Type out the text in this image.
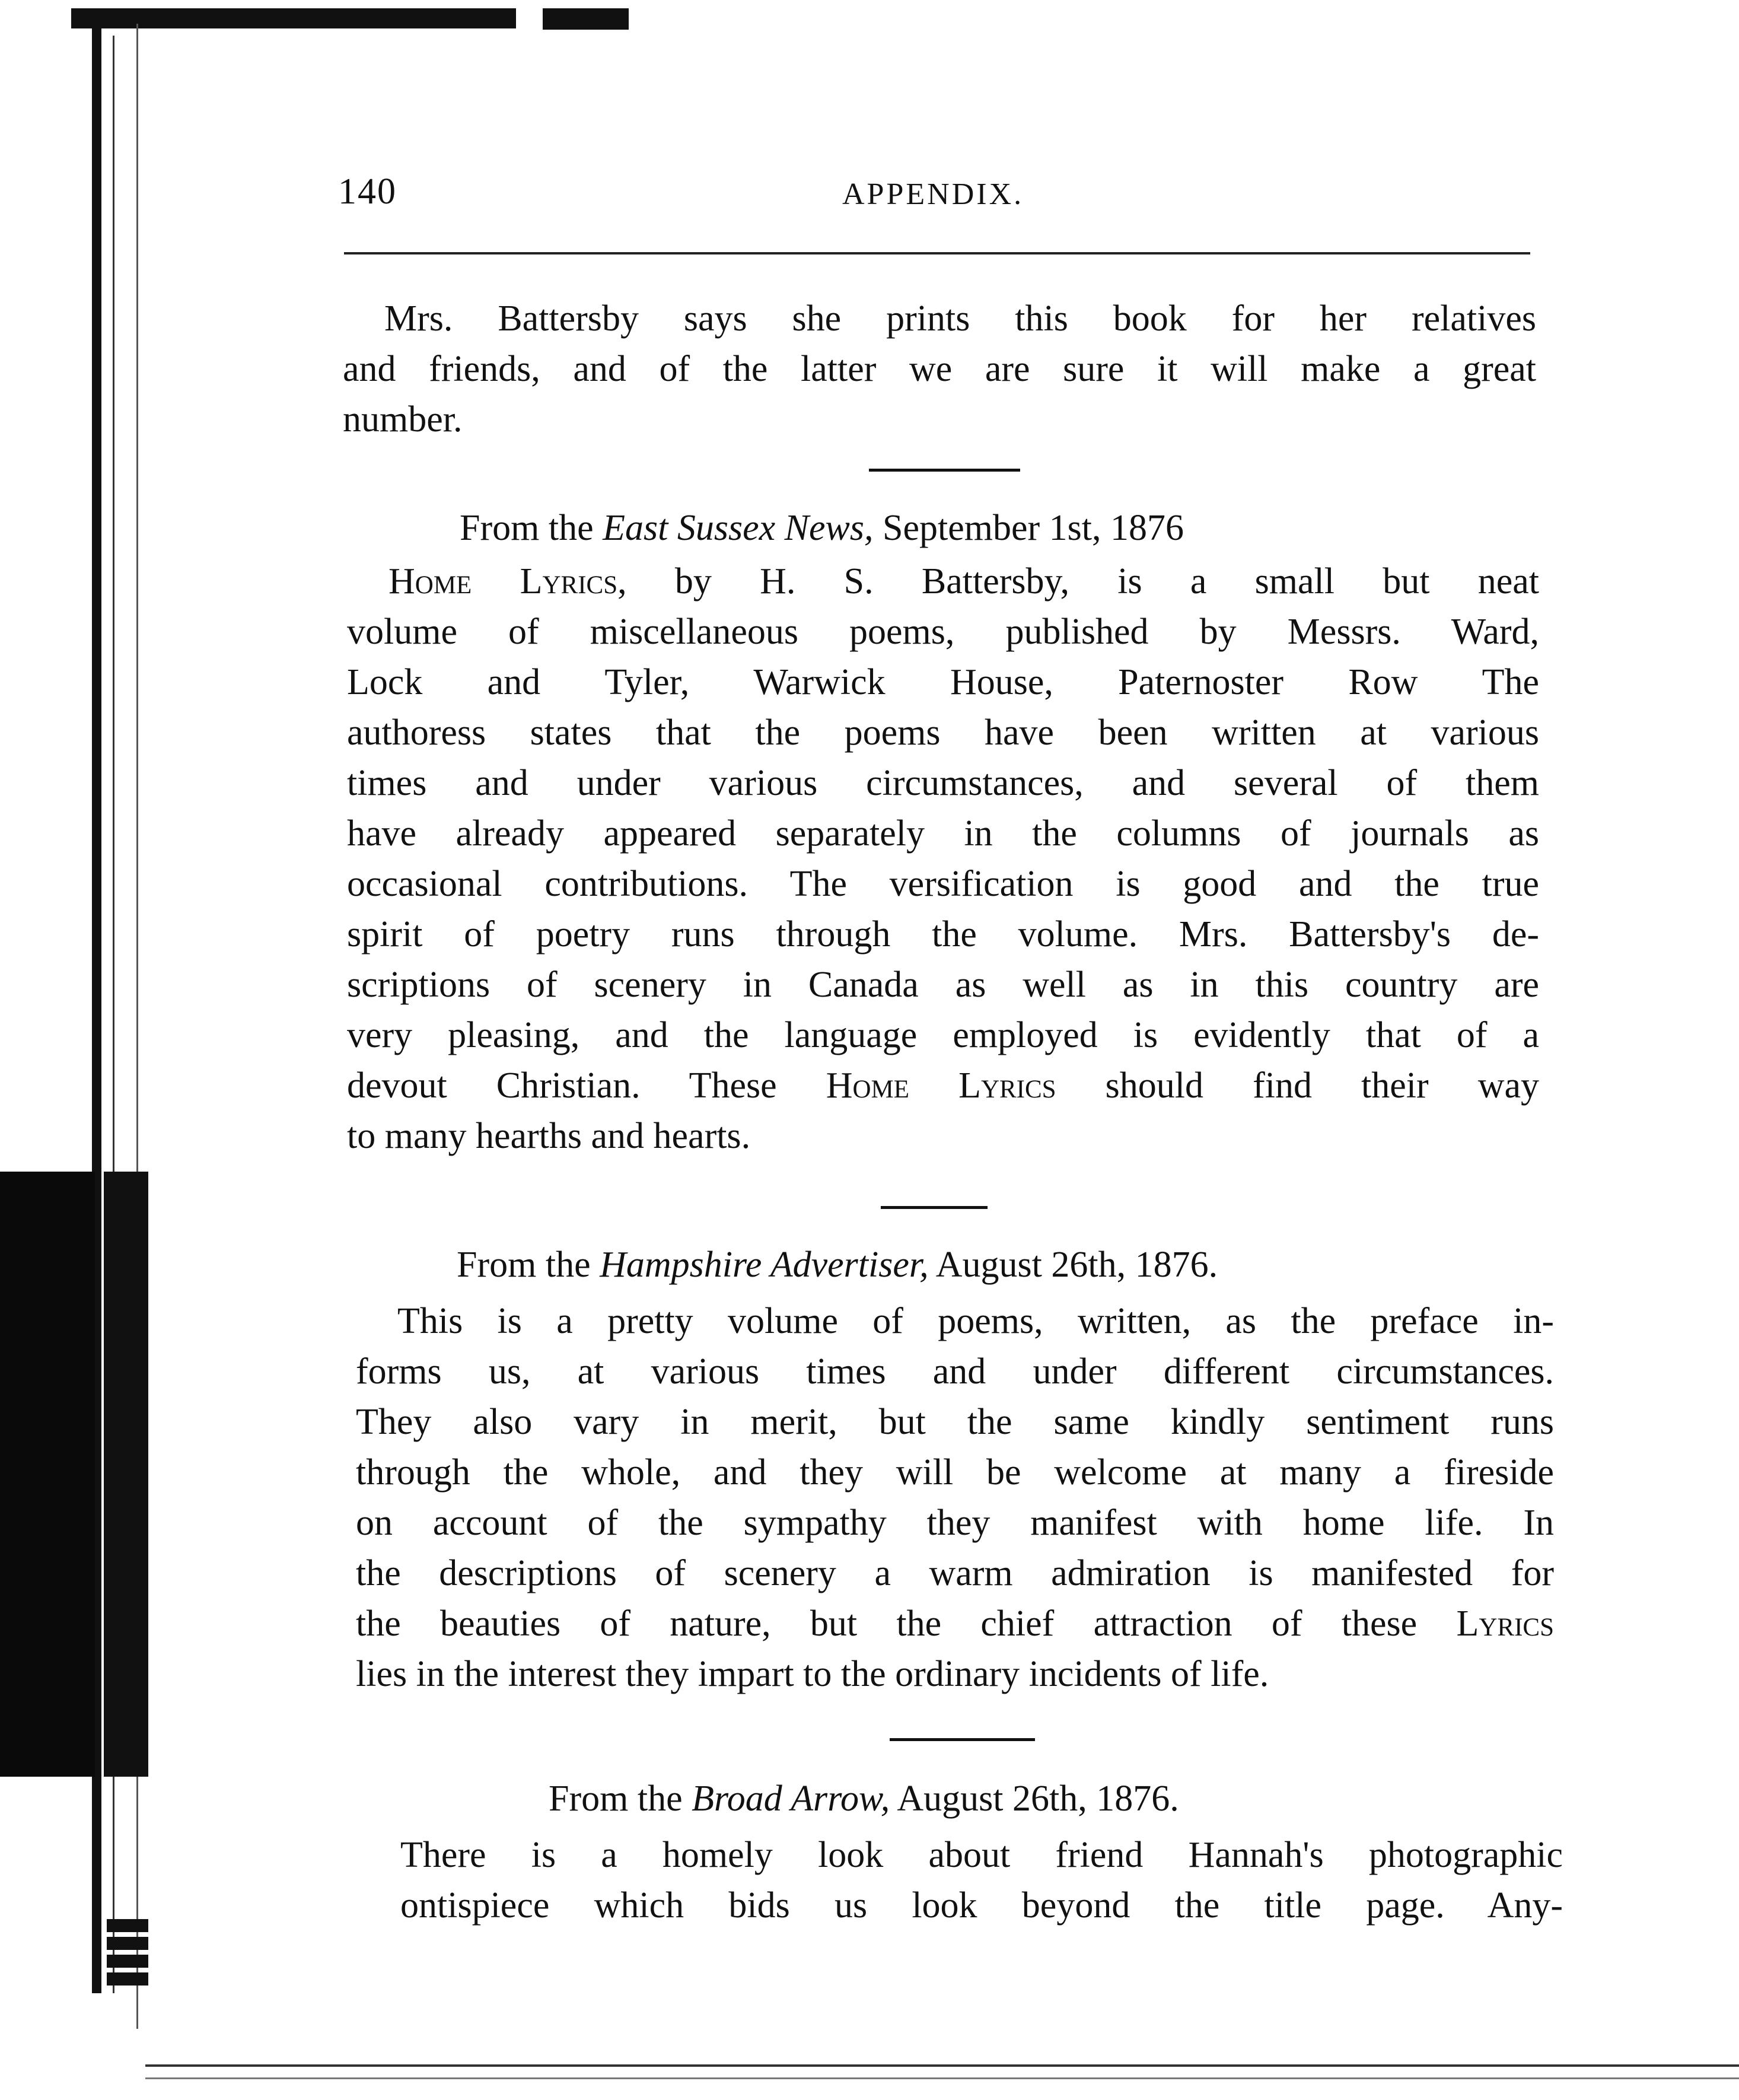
140	APPENDIX.

Mrs. Battersby says she prints this book for her relatives
and friends, and of the latter we are sure it will make a great
number.

From the East Sussex News, September 1st, 1876

Home Lyrics, by H. S. Battersby, is a small but neat
volume of miscellaneous poems, published by Messrs. Ward,
Lock and Tyler, Warwick House, Paternoster Row The
authoress states that the poems have been written at various
times and under various circumstances, and several of them
have already appeared separately in the columns of journals as
occasional contributions. The versification is good and the true
spirit of poetry runs through the volume. Mrs. Battersby's de-
scriptions of scenery in Canada as well as in this country are
very pleasing, and the language employed is evidently that of a
devout Christian. These Home Lyrics should find their way
to many hearths and hearts.

From the Hampshire Advertiser, August 26th, 1876.

This is a pretty volume of poems, written, as the preface in-
forms us, at various times and under different circumstances.
They also vary in merit, but the same kindly sentiment runs
through the whole, and they will be welcome at many a fireside
on account of the sympathy they manifest with home life. In
the descriptions of scenery a warm admiration is manifested for
the beauties of nature, but the chief attraction of these Lyrics
lies in the interest they impart to the ordinary incidents of life.

From the Broad Arrow, August 26th, 1876.

There is a homely look about friend Hannah's photographic
ontispiece which bids us look beyond the title page. Any-
